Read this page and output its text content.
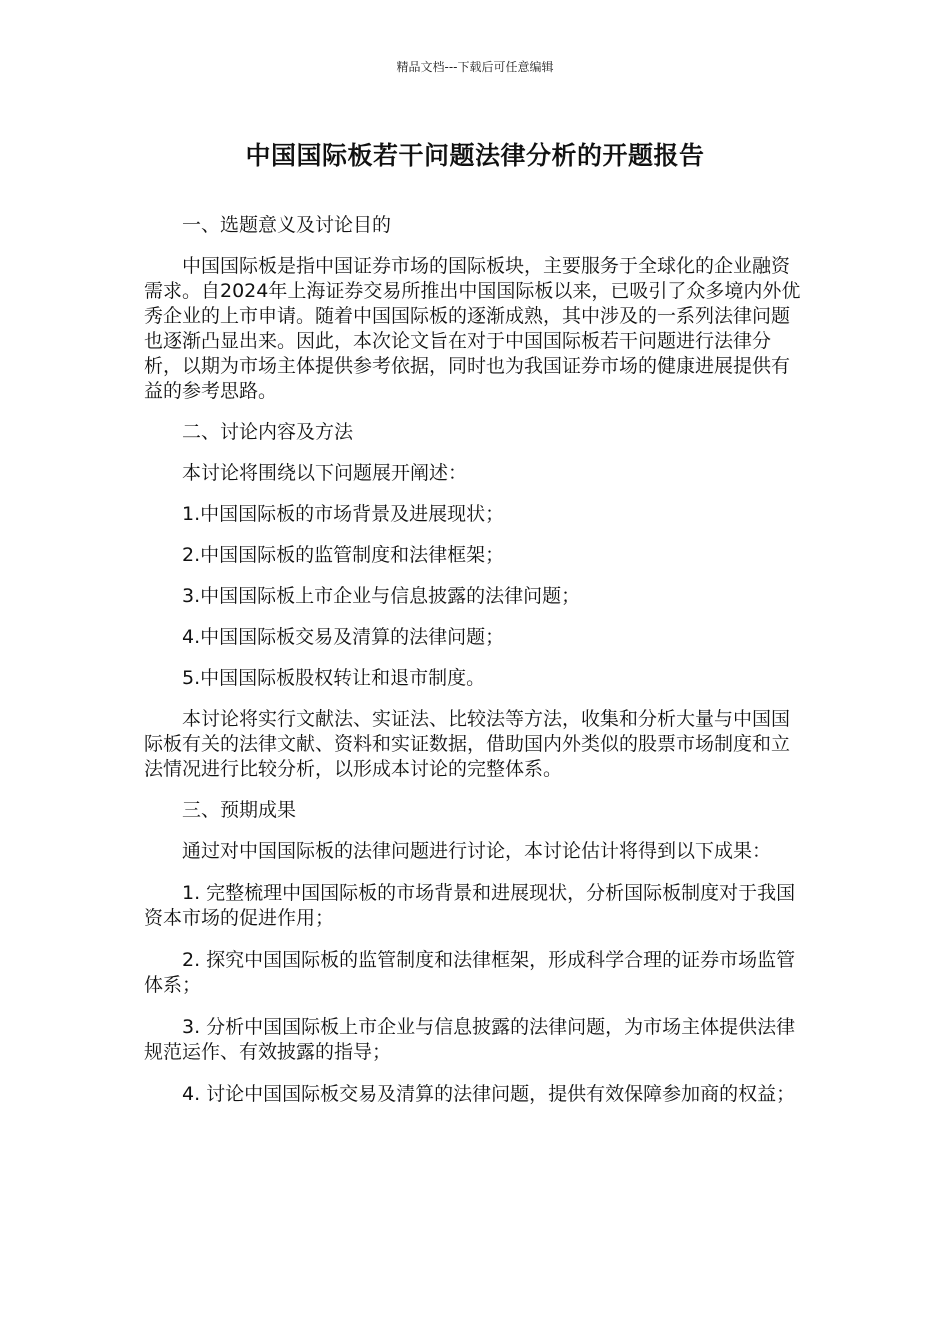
精品文档---下载后可任意编辑
中国国际板若干问题法律分析的开题报告

一、选题意义及讨论目的

中国国际板是指中国证券市场的国际板块，主要服务于全球化的企业融资需求。自2024年上海证券交易所推出中国国际板以来，已吸引了众多境内外优秀企业的上市申请。随着中国国际板的逐渐成熟，其中涉及的一系列法律问题也逐渐凸显出来。因此，本次论文旨在对于中国国际板若干问题进行法律分析，以期为市场主体提供参考依据，同时也为我国证券市场的健康进展提供有益的参考思路。

二、讨论内容及方法

本讨论将围绕以下问题展开阐述：

1.中国国际板的市场背景及进展现状；

2.中国国际板的监管制度和法律框架；

3.中国国际板上市企业与信息披露的法律问题；

4.中国国际板交易及清算的法律问题；

5.中国国际板股权转让和退市制度。

本讨论将实行文献法、实证法、比较法等方法，收集和分析大量与中国国际板有关的法律文献、资料和实证数据，借助国内外类似的股票市场制度和立法情况进行比较分析，以形成本讨论的完整体系。

三、预期成果

通过对中国国际板的法律问题进行讨论，本讨论估计将得到以下成果：

1. 完整梳理中国国际板的市场背景和进展现状，分析国际板制度对于我国资本市场的促进作用；

2. 探究中国国际板的监管制度和法律框架，形成科学合理的证券市场监管体系；

3. 分析中国国际板上市企业与信息披露的法律问题，为市场主体提供法律规范运作、有效披露的指导；

4. 讨论中国国际板交易及清算的法律问题，提供有效保障参加商的权益；
